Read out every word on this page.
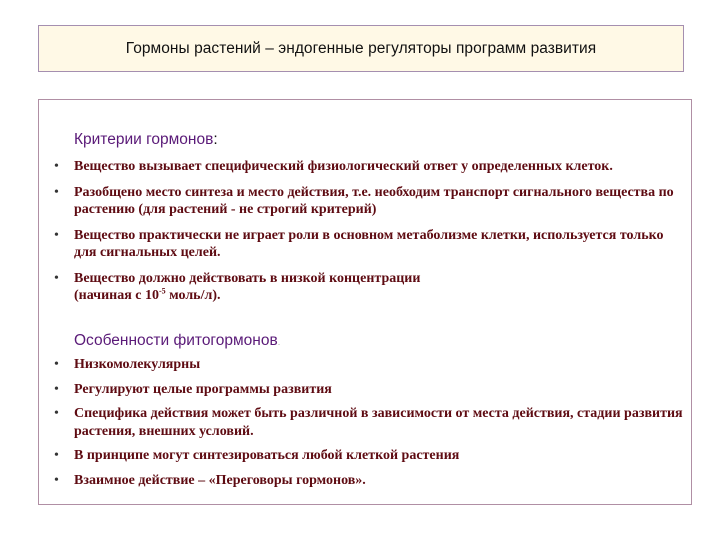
Гормоны растений – эндогенные регуляторы программ развития
Критерии гормонов:
• Вещество вызывает специфический физиологический ответ у определенных клеток.
• Разобщено место синтеза и место действия, т.е. необходим транспорт сигнального вещества по растению (для растений - не строгий критерий)
• Вещество практически не играет роли в основном метаболизме клетки, используется только для сигнальных целей.
• Вещество должно действовать в низкой концентрации
(начиная с $10^{-5}$ моль/л).
Особенности фитогормонов.
• Низкомолекулярны
• Регулируют целые программы развития
• Специфика действия может быть различной в зависимости от места действия, стадии развития растения, внешних условий.
• В принципе могут синтезироваться любой клеткой растения
• Взаимное действие – «Переговоры гормонов».
